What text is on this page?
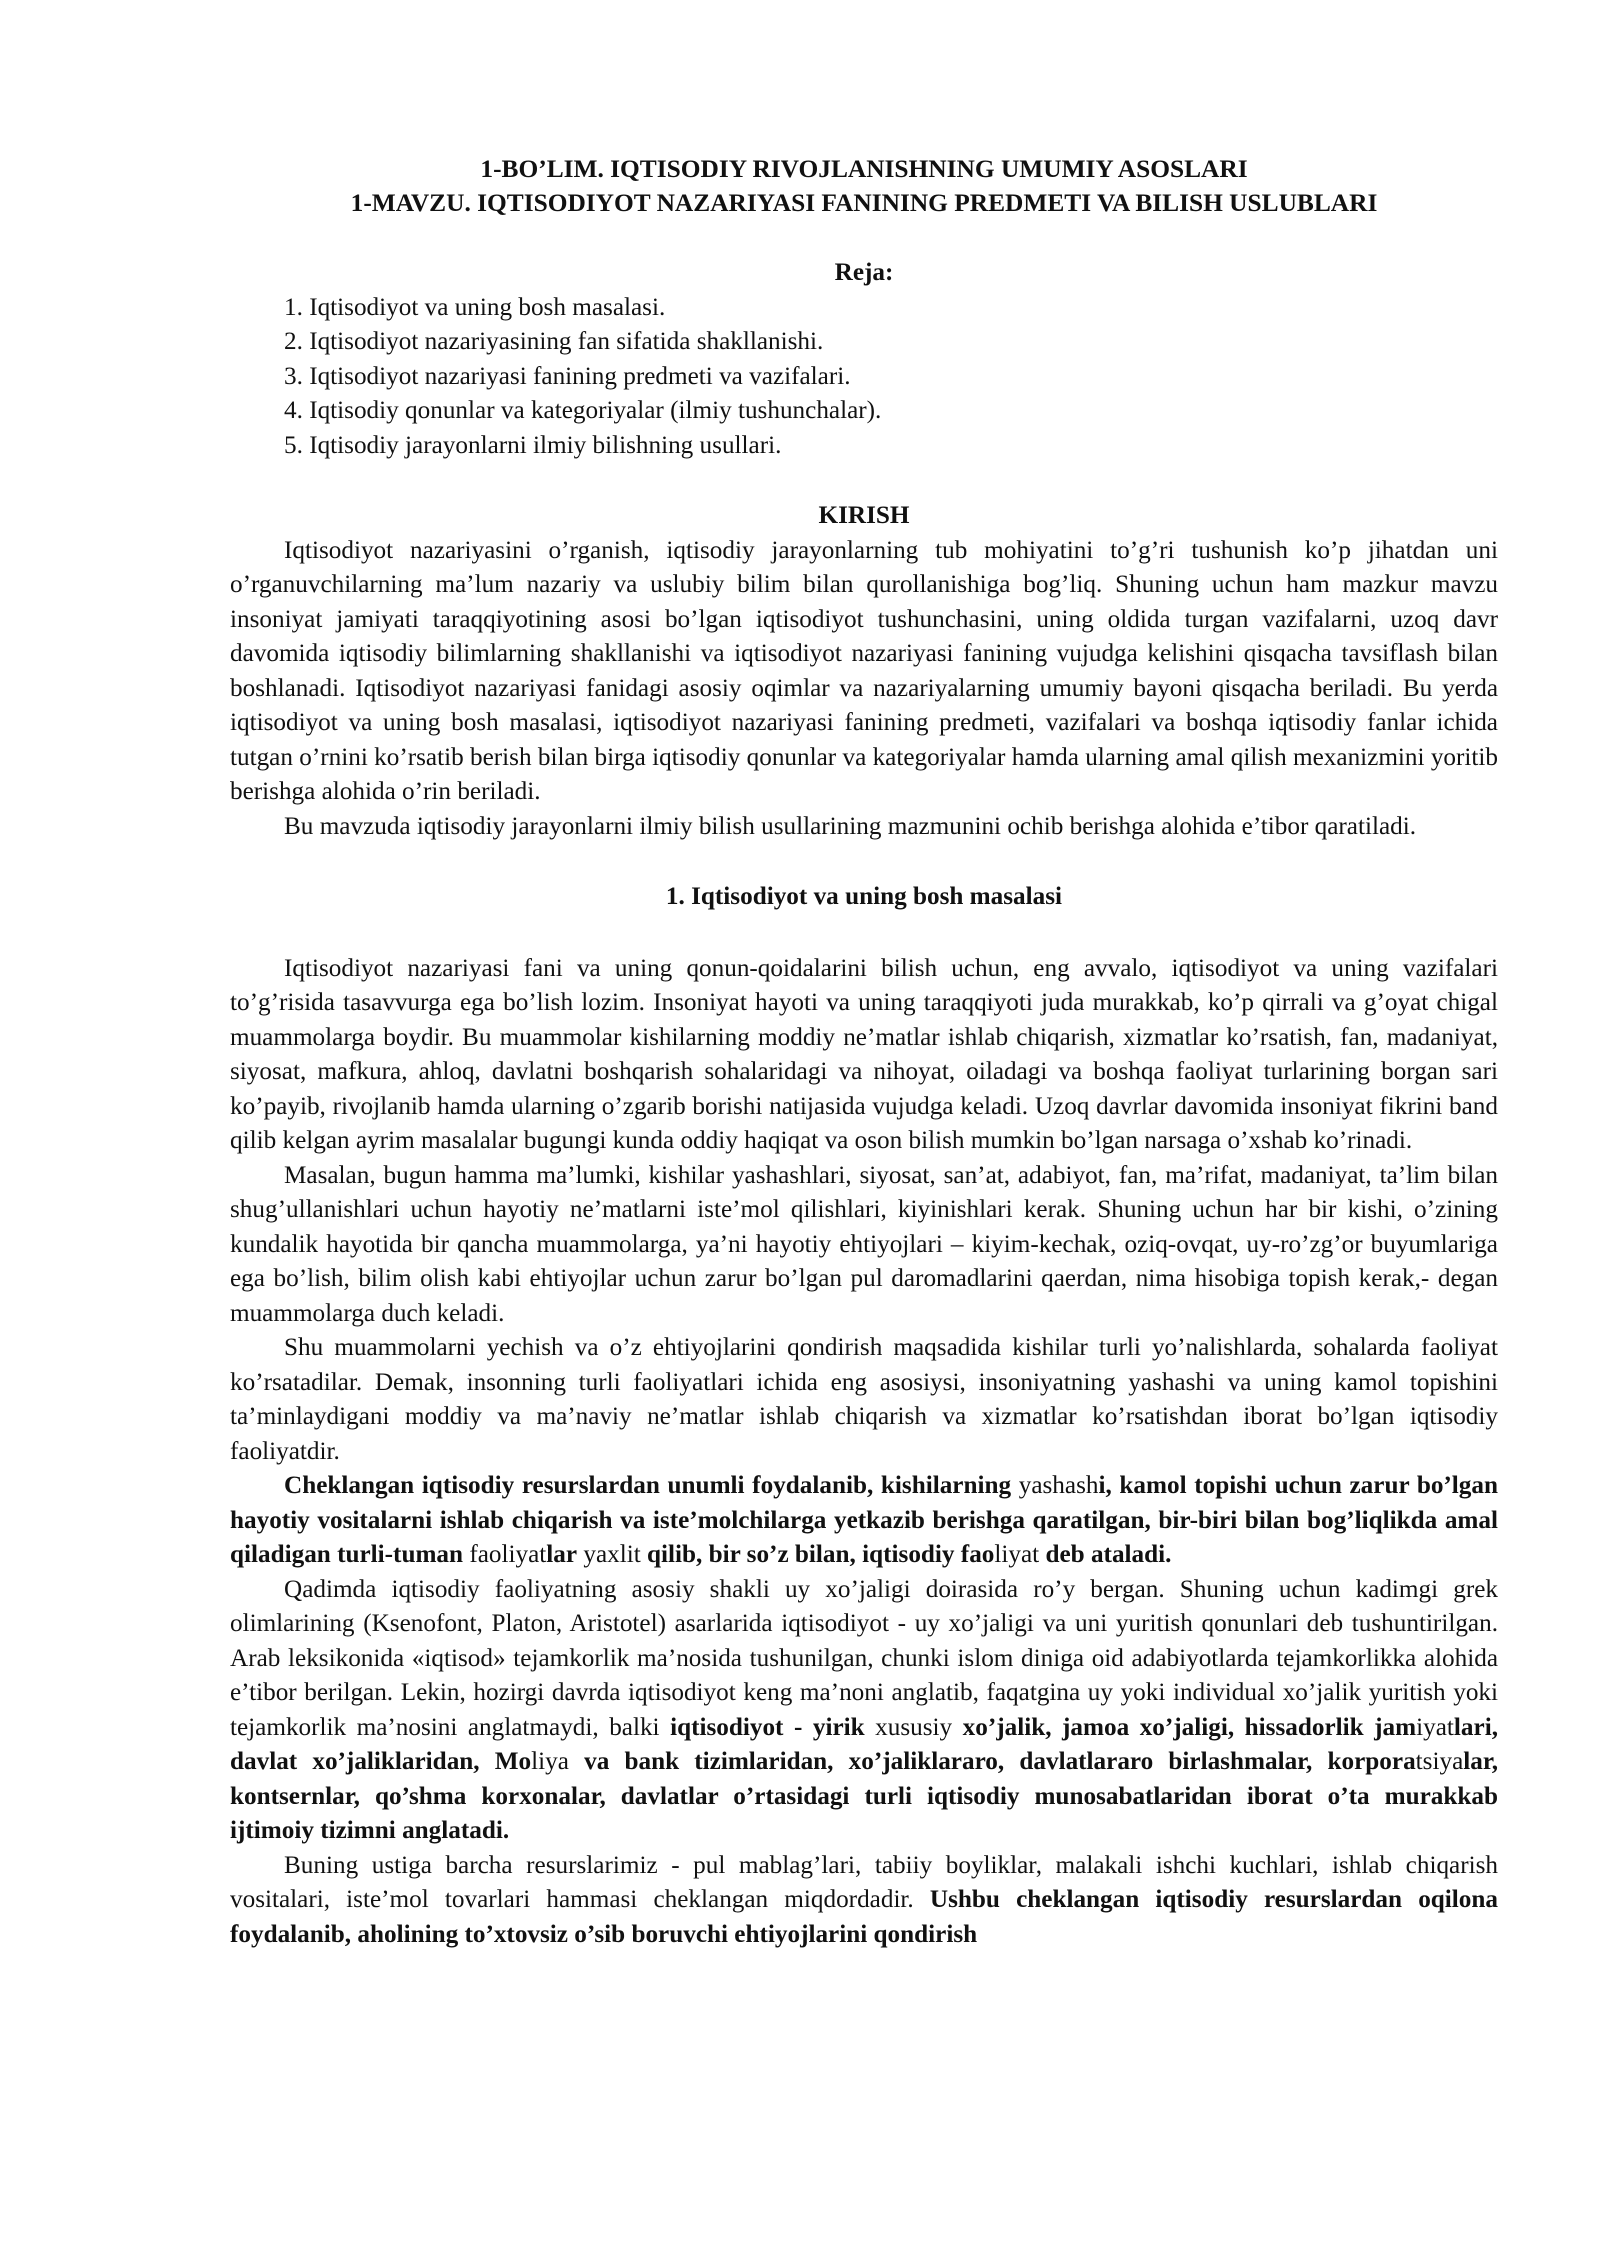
1-BO’LIM. IQTISODIY RIVOJLANISHNING UMUMIY ASOSLARI

1-MAVZU. IQTISODIYOT NAZARIYASI FANINING PREDMETI VA BILISH USLUBLARI

Reja:

1. Iqtisodiyot va uning bosh masalasi.
2. Iqtisodiyot nazariyasining fan sifatida shakllanishi.
3. Iqtisodiyot nazariyasi fanining predmeti va vazifalari.
4. Iqtisodiy qonunlar va kategoriyalar (ilmiy tushunchalar).
5. Iqtisodiy jarayonlarni ilmiy bilishning usullari.

KIRISH

Iqtisodiyot nazariyasini o’rganish, iqtisodiy jarayonlarning tub mohiyatini to’g’ri tushunish ko’p jihatdan uni o’rganuvchilarning ma’lum nazariy va uslubiy bilim bilan qurollanishiga bog’liq. Shuning uchun ham mazkur mavzu insoniyat jamiyati taraqqiyotining asosi bo’lgan iqtisodiyot tushunchasini, uning oldida turgan vazifalarni, uzoq davr davomida iqtisodiy bilimlarning shakllanishi va iqtisodiyot nazariyasi fanining vujudga kelishini qisqacha tavsiflash bilan boshlanadi. Iqtisodiyot nazariyasi fanidagi asosiy oqimlar va nazariyalarning umumiy bayoni qisqacha beriladi. Bu yerda iqtisodiyot va uning bosh masalasi, iqtisodiyot nazariyasi fanining predmeti, vazifalari va boshqa iqtisodiy fanlar ichida tutgan o’rnini ko’rsatib berish bilan birga iqtisodiy qonunlar va kategoriyalar hamda ularning amal qilish mexanizmini yoritib berishga alohida o’rin beriladi.

Bu mavzuda iqtisodiy jarayonlarni ilmiy bilish usullarining mazmunini ochib berishga alohida e’tibor qaratiladi.

1. Iqtisodiyot va uning bosh masalasi

Iqtisodiyot nazariyasi fani va uning qonun-qoidalarini bilish uchun, eng avvalo, iqtisodiyot va uning vazifalari to’g’risida tasavvurga ega bo’lish lozim. Insoniyat hayoti va uning taraqqiyoti juda murakkab, ko’p qirrali va g’oyat chigal muammolarga boydir. Bu muammolar kishilarning moddiy ne’matlar ishlab chiqarish, xizmatlar ko’rsatish, fan, madaniyat, siyosat, mafkura, ahloq, davlatni boshqarish sohalaridagi va nihoyat, oiladagi va boshqa faoliyat turlarining borgan sari ko’payib, rivojlanib hamda ularning o’zgarib borishi natijasida vujudga keladi. Uzoq davrlar davomida insoniyat fikrini band qilib kelgan ayrim masalalar bugungi kunda oddiy haqiqat va oson bilish mumkin bo’lgan narsaga o’xshab ko’rinadi.

Masalan, bugun hamma ma’lumki, kishilar yashashlari, siyosat, san’at, adabiyot, fan, ma’rifat, madaniyat, ta’lim bilan shug’ullanishlari uchun hayotiy ne’matlarni iste’mol qilishlari, kiyinishlari kerak. Shuning uchun har bir kishi, o’zining kundalik hayotida bir qancha muammolarga, ya’ni hayotiy ehtiyojlari – kiyim-kechak, oziq-ovqat, uy-ro’zg’or buyumlariga ega bo’lish, bilim olish kabi ehtiyojlar uchun zarur bo’lgan pul daromadlarini qaerdan, nima hisobiga topish kerak,- degan muammolarga duch keladi.

Shu muammolarni yechish va o’z ehtiyojlarini qondirish maqsadida kishilar turli yo’nalishlarda, sohalarda faoliyat ko’rsatadilar. Demak, insonning turli faoliyatlari ichida eng asosiysi, insoniyatning yashashi va uning kamol topishini ta’minlaydigani moddiy va ma’naviy ne’matlar ishlab chiqarish va xizmatlar ko’rsatishdan iborat bo’lgan iqtisodiy faoliyatdir.

Cheklangan iqtisodiy resurslardan unumli foydalanib, kishilarning yashashi, kamol topishi uchun zarur bo’lgan hayotiy vositalarni ishlab chiqarish va iste’molchilarga yetkazib berishga qaratilgan, bir-biri bilan bog’liqlikda amal qiladigan turli-tuman faoliyatlar yaxlit qilib, bir so’z bilan, iqtisodiy faoliyat deb ataladi.

Qadimda iqtisodiy faoliyatning asosiy shakli uy xo’jaligi doirasida ro’y bergan. Shuning uchun kadimgi grek olimlarining (Ksenofont, Platon, Aristotel) asarlarida iqtisodiyot - uy xo’jaligi va uni yuritish qonunlari deb tushuntirilgan. Arab leksikonida «iqtisod» tejamkorlik ma’nosida tushunilgan, chunki islom diniga oid adabiyotlarda tejamkorlikka alohida e’tibor berilgan. Lekin, hozirgi davrda iqtisodiyot keng ma’noni anglatib, faqatgina uy yoki individual xo’jalik yuritish yoki tejamkorlik ma’nosini anglatmaydi, balki iqtisodiyot - yirik xususiy xo’jalik, jamoa xo’jaligi, hissadorlik jamiyatlari, davlat xo’jaliklaridan, Moliya va bank tizimlaridan, xo’jaliklararo, davlatlararo birlashmalar, korporatsiyalar, kontsernlar, qo’shma korxonalar, davlatlar o’rtasidagi turli iqtisodiy munosabatlaridan iborat o’ta murakkab ijtimoiy tizimni anglatadi.

Buning ustiga barcha resurslarimiz - pul mablag’lari, tabiiy boyliklar, malakali ishchi kuchlari, ishlab chiqarish vositalari, iste’mol tovarlari hammasi cheklangan miqdordadir. Ushbu cheklangan iqtisodiy resurslardan oqilona foydalanib, aholining to’xtovsiz o’sib boruvchi ehtiyojlarini qondirish
